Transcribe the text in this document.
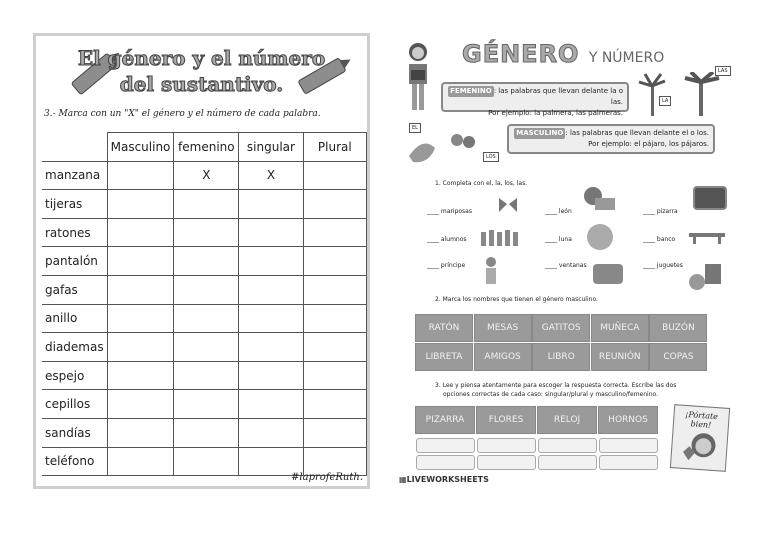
El género y el número
del sustantivo.
3.- Marca con un "X" el género y el número de cada palabra.
	Masculino	femenino	singular	Plural
manzana		X	X	
tijeras				
ratones				
pantalón				
gafas				
anillo				
diademas				
espejo				
cepillos				
sandías				
teléfono				
#laprofeRuth.
GÉNERO Y NÚMERO
LAS
FEMENINO : las palabras que llevan delante la o las.
Por ejemplo: la palmera, las palmeras.
LA
EL
LOS
MASCULINO : las palabras que llevan delante el o los.
Por ejemplo: el pájaro, los pájaros.
1. Completa con el, la, los, las.
____ mariposas	____ león	____ pizarra
____ alumnos	____ luna	____ banco
____ príncipe	____ ventanas	____ juguetes
2. Marca los nombres que tienen el género masculino.
RATÓN	MESAS	GATITOS	MUÑECA	BUZÓN
LIBRETA	AMIGOS	LIBRO	REUNIÓN	COPAS
3. Lee y piensa atentamente para escoger la respuesta correcta. Escribe las dos
opciones correctas de cada caso: singular/plural y masculino/femenino.
PIZARRA	FLORES	RELOJ	HORNOS	¡Pórtate bien!
▦LIVEWORKSHEETS
